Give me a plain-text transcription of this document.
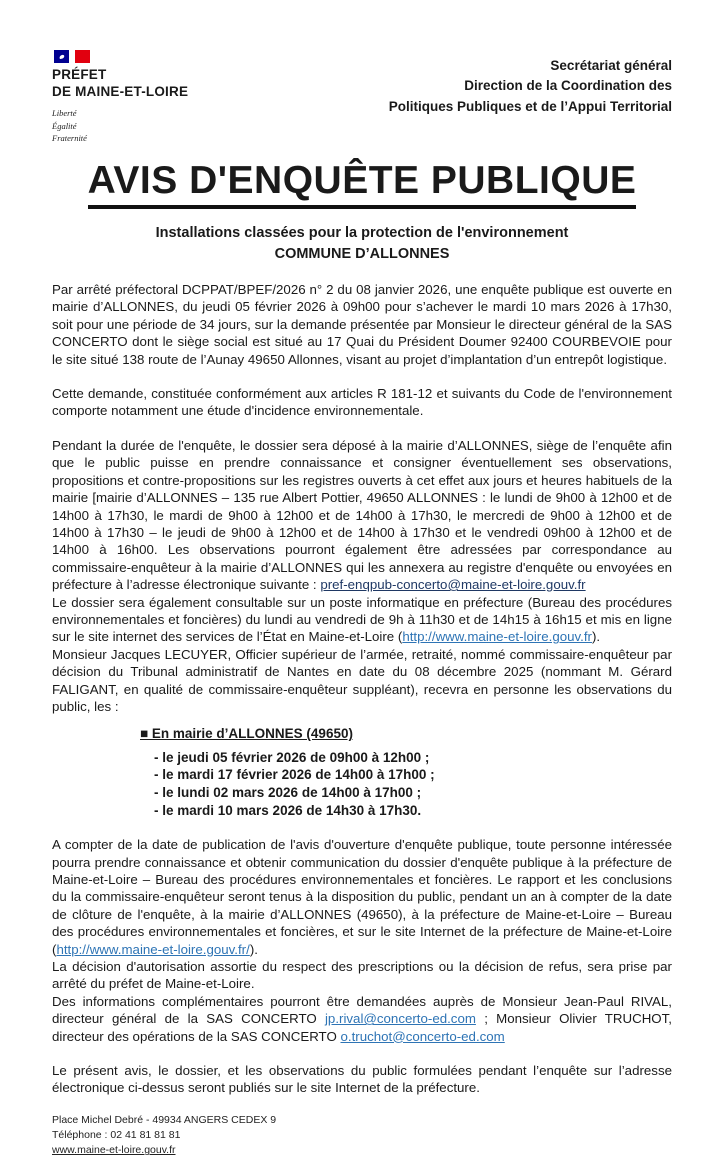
PRÉFET
DE MAINE-ET-LOIRE
Liberté
Égalité
Fraternité
Secrétariat général
Direction de la Coordination des
Politiques Publiques et de l’Appui Territorial
AVIS D'ENQUÊTE PUBLIQUE
Installations classées pour la protection de l'environnement
COMMUNE D’ALLONNES

Par arrêté préfectoral DCPPAT/BPEF/2026 n° 2 du 08 janvier 2026, une enquête publique est ouverte en mairie d’ALLONNES, du jeudi 05 février 2026 à 09h00 pour s’achever le mardi 10 mars 2026 à 17h30, soit pour une période de 34 jours, sur la demande présentée par Monsieur le directeur général de la SAS CONCERTO dont le siège social est situé au 17 Quai du Président Doumer 92400 COURBEVOIE pour le site situé 138 route de l’Aunay 49650 Allonnes, visant au projet d’implantation d’un entrepôt logistique.

Cette demande, constituée conformément aux articles R 181-12 et suivants du Code de l'environnement comporte notamment une étude d'incidence environnementale.

Pendant la durée de l'enquête, le dossier sera déposé à la mairie d’ALLONNES, siège de l’enquête afin que le public puisse en prendre connaissance et consigner éventuellement ses observations, propositions et contre-propositions sur les registres ouverts à cet effet aux jours et heures habituels de la mairie [mairie d’ALLONNES – 135 rue Albert Pottier, 49650 ALLONNES : le lundi de 9h00 à 12h00 et de 14h00 à 17h30, le mardi de 9h00 à 12h00 et de 14h00 à 17h30, le mercredi de 9h00 à 12h00 et de 14h00 à 17h30 – le jeudi de 9h00 à 12h00 et de 14h00 à 17h30 et le vendredi 09h00 à 12h00 et de 14h00 à 16h00. Les observations pourront également être adressées par correspondance au commissaire-enquêteur à la mairie d’ALLONNES qui les annexera au registre d'enquête ou envoyées en préfecture à l’adresse électronique suivante : pref-enqpub-concerto@maine-et-loire.gouv.fr

Le dossier sera également consultable sur un poste informatique en préfecture (Bureau des procédures environnementales et foncières) du lundi au vendredi de 9h à 11h30 et de 14h15 à 16h15 et mis en ligne sur le site internet des services de l’État en Maine-et-Loire (http://www.maine-et-loire.gouv.fr).

Monsieur Jacques LECUYER, Officier supérieur de l’armée, retraité, nommé commissaire-enquêteur par décision du Tribunal administratif de Nantes en date du 08 décembre 2025 (nommant M. Gérard FALIGANT, en qualité de commissaire-enquêteur suppléant), recevra en personne les observations du public, les :

■ En mairie d’ALLONNES (49650)
- le jeudi 05 février 2026 de 09h00 à 12h00 ;
- le mardi 17 février 2026 de 14h00 à 17h00 ;
- le lundi 02 mars 2026 de 14h00 à 17h00 ;
- le mardi 10 mars 2026 de 14h30 à 17h30.

A compter de la date de publication de l'avis d'ouverture d'enquête publique, toute personne intéressée pourra prendre connaissance et obtenir communication du dossier d'enquête publique à la préfecture de Maine-et-Loire – Bureau des procédures environnementales et foncières. Le rapport et les conclusions du la commissaire-enquêteur seront tenus à la disposition du public, pendant un an à compter de la date de clôture de l'enquête, à la mairie d’ALLONNES (49650), à la préfecture de Maine-et-Loire – Bureau des procédures environnementales et foncières, et sur le site Internet de la préfecture de Maine-et-Loire (http://www.maine-et-loire.gouv.fr/).

La décision d'autorisation assortie du respect des prescriptions ou la décision de refus, sera prise par arrêté du préfet de Maine-et-Loire.

Des informations complémentaires pourront être demandées auprès de Monsieur Jean-Paul RIVAL, directeur général de la SAS CONCERTO jp.rival@concerto-ed.com ; Monsieur Olivier TRUCHOT, directeur des opérations de la SAS CONCERTO o.truchot@concerto-ed.com

Le présent avis, le dossier, et les observations du public formulées pendant l’enquête sur l’adresse électronique ci-dessus seront publiés sur le site Internet de la préfecture.

Place Michel Debré - 49934 ANGERS CEDEX 9
Téléphone : 02 41 81 81 81
www.maine-et-loire.gouv.fr
